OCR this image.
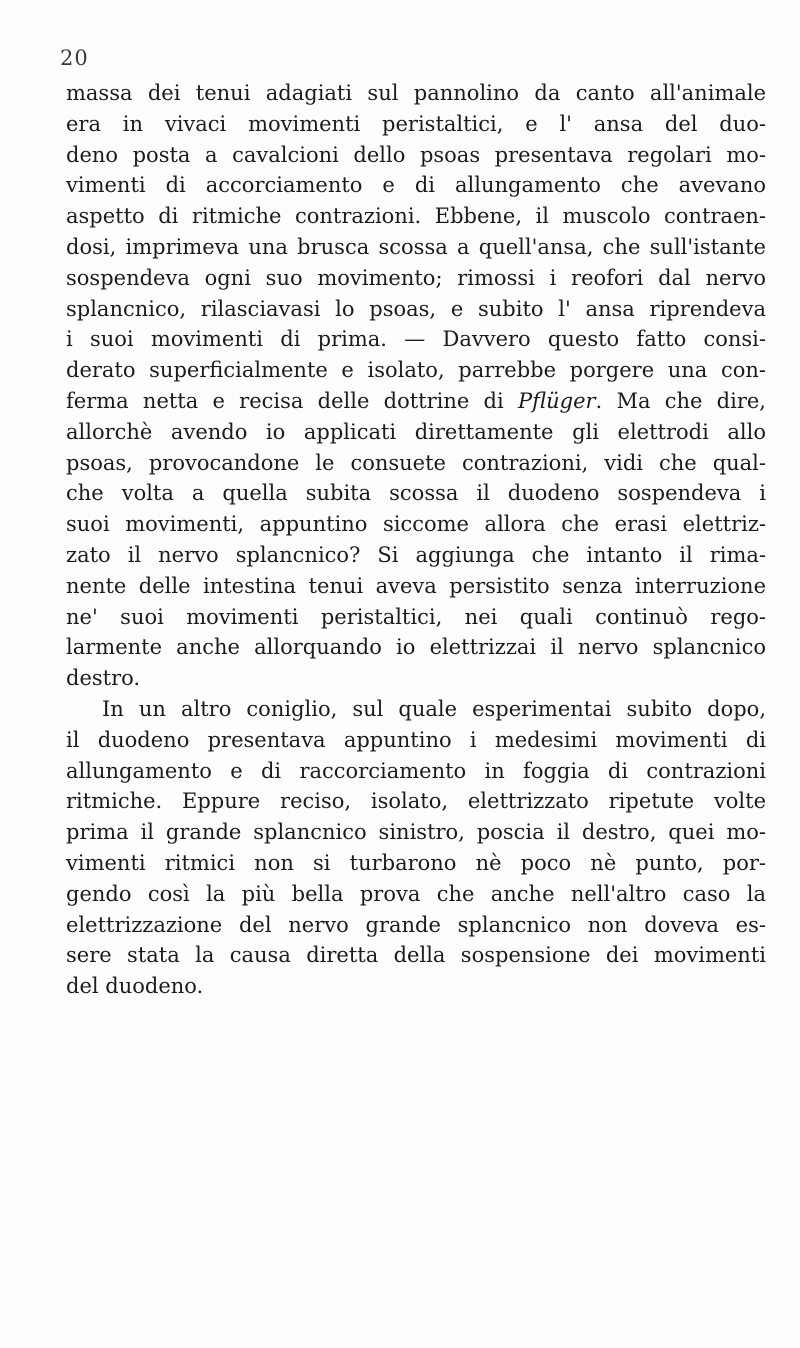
20
massa dei tenui adagiati sul pannolino da canto all'animale
era in vivaci movimenti peristaltici, e l' ansa del duo-
deno posta a cavalcioni dello psoas presentava regolari mo-
vimenti di accorciamento e di allungamento che avevano
aspetto di ritmiche contrazioni. Ebbene, il muscolo contraen-
dosi, imprimeva una brusca scossa a quell'ansa, che sull'istante
sospendeva ogni suo movimento; rimossi i reofori dal nervo
splancnico, rilasciavasi lo psoas, e subito l' ansa riprendeva
i suoi movimenti di prima. — Davvero questo fatto consi-
derato superficialmente e isolato, parrebbe porgere una con-
ferma netta e recisa delle dottrine di Pflüger. Ma che dire,
allorchè avendo io applicati direttamente gli elettrodi allo
psoas, provocandone le consuete contrazioni, vidi che qual-
che volta a quella subita scossa il duodeno sospendeva i
suoi movimenti, appuntino siccome allora che erasi elettriz-
zato il nervo splancnico? Si aggiunga che intanto il rima-
nente delle intestina tenui aveva persistito senza interruzione
ne' suoi movimenti peristaltici, nei quali continuò rego-
larmente anche allorquando io elettrizzai il nervo splancnico
destro.
In un altro coniglio, sul quale esperimentai subito dopo,
il duodeno presentava appuntino i medesimi movimenti di
allungamento e di raccorciamento in foggia di contrazioni
ritmiche. Eppure reciso, isolato, elettrizzato ripetute volte
prima il grande splancnico sinistro, poscia il destro, quei mo-
vimenti ritmici non si turbarono nè poco nè punto, por-
gendo così la più bella prova che anche nell'altro caso la
elettrizzazione del nervo grande splancnico non doveva es-
sere stata la causa diretta della sospensione dei movimenti
del duodeno.
